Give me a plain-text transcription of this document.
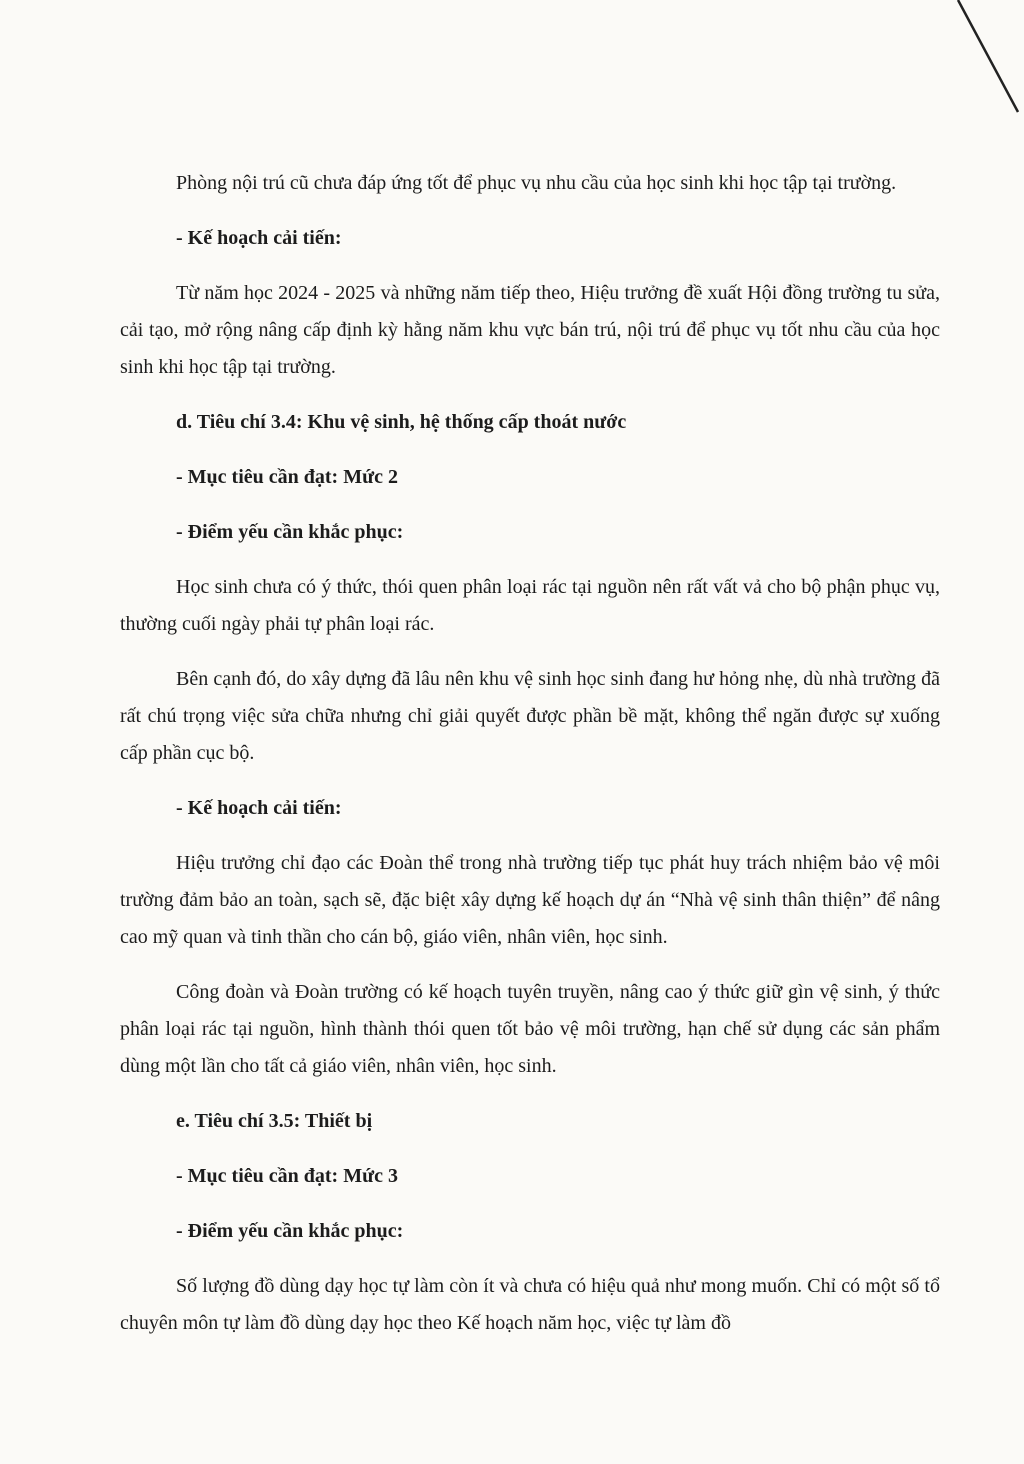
Phòng nội trú cũ chưa đáp ứng tốt để phục vụ nhu cầu của học sinh khi học tập tại trường.

- Kế hoạch cải tiến:

Từ năm học 2024 - 2025 và những năm tiếp theo, Hiệu trưởng đề xuất Hội đồng trường tu sửa, cải tạo, mở rộng nâng cấp định kỳ hằng năm khu vực bán trú, nội trú để phục vụ tốt nhu cầu của học sinh khi học tập tại trường.

d. Tiêu chí 3.4: Khu vệ sinh, hệ thống cấp thoát nước

- Mục tiêu cần đạt: Mức 2

- Điểm yếu cần khắc phục:

Học sinh chưa có ý thức, thói quen phân loại rác tại nguồn nên rất vất vả cho bộ phận phục vụ, thường cuối ngày phải tự phân loại rác.

Bên cạnh đó, do xây dựng đã lâu nên khu vệ sinh học sinh đang hư hỏng nhẹ, dù nhà trường đã rất chú trọng việc sửa chữa nhưng chỉ giải quyết được phần bề mặt, không thể ngăn được sự xuống cấp phần cục bộ.

- Kế hoạch cải tiến:

Hiệu trưởng chỉ đạo các Đoàn thể trong nhà trường tiếp tục phát huy trách nhiệm bảo vệ môi trường đảm bảo an toàn, sạch sẽ, đặc biệt xây dựng kế hoạch dự án “Nhà vệ sinh thân thiện” để nâng cao mỹ quan và tinh thần cho cán bộ, giáo viên, nhân viên, học sinh.

Công đoàn và Đoàn trường có kế hoạch tuyên truyền, nâng cao ý thức giữ gìn vệ sinh, ý thức phân loại rác tại nguồn, hình thành thói quen tốt bảo vệ môi trường, hạn chế sử dụng các sản phẩm dùng một lần cho tất cả giáo viên, nhân viên, học sinh.

e. Tiêu chí 3.5: Thiết bị

- Mục tiêu cần đạt: Mức 3

- Điểm yếu cần khắc phục:

Số lượng đồ dùng dạy học tự làm còn ít và chưa có hiệu quả như mong muốn. Chỉ có một số tổ chuyên môn tự làm đồ dùng dạy học theo Kế hoạch năm học, việc tự làm đồ
